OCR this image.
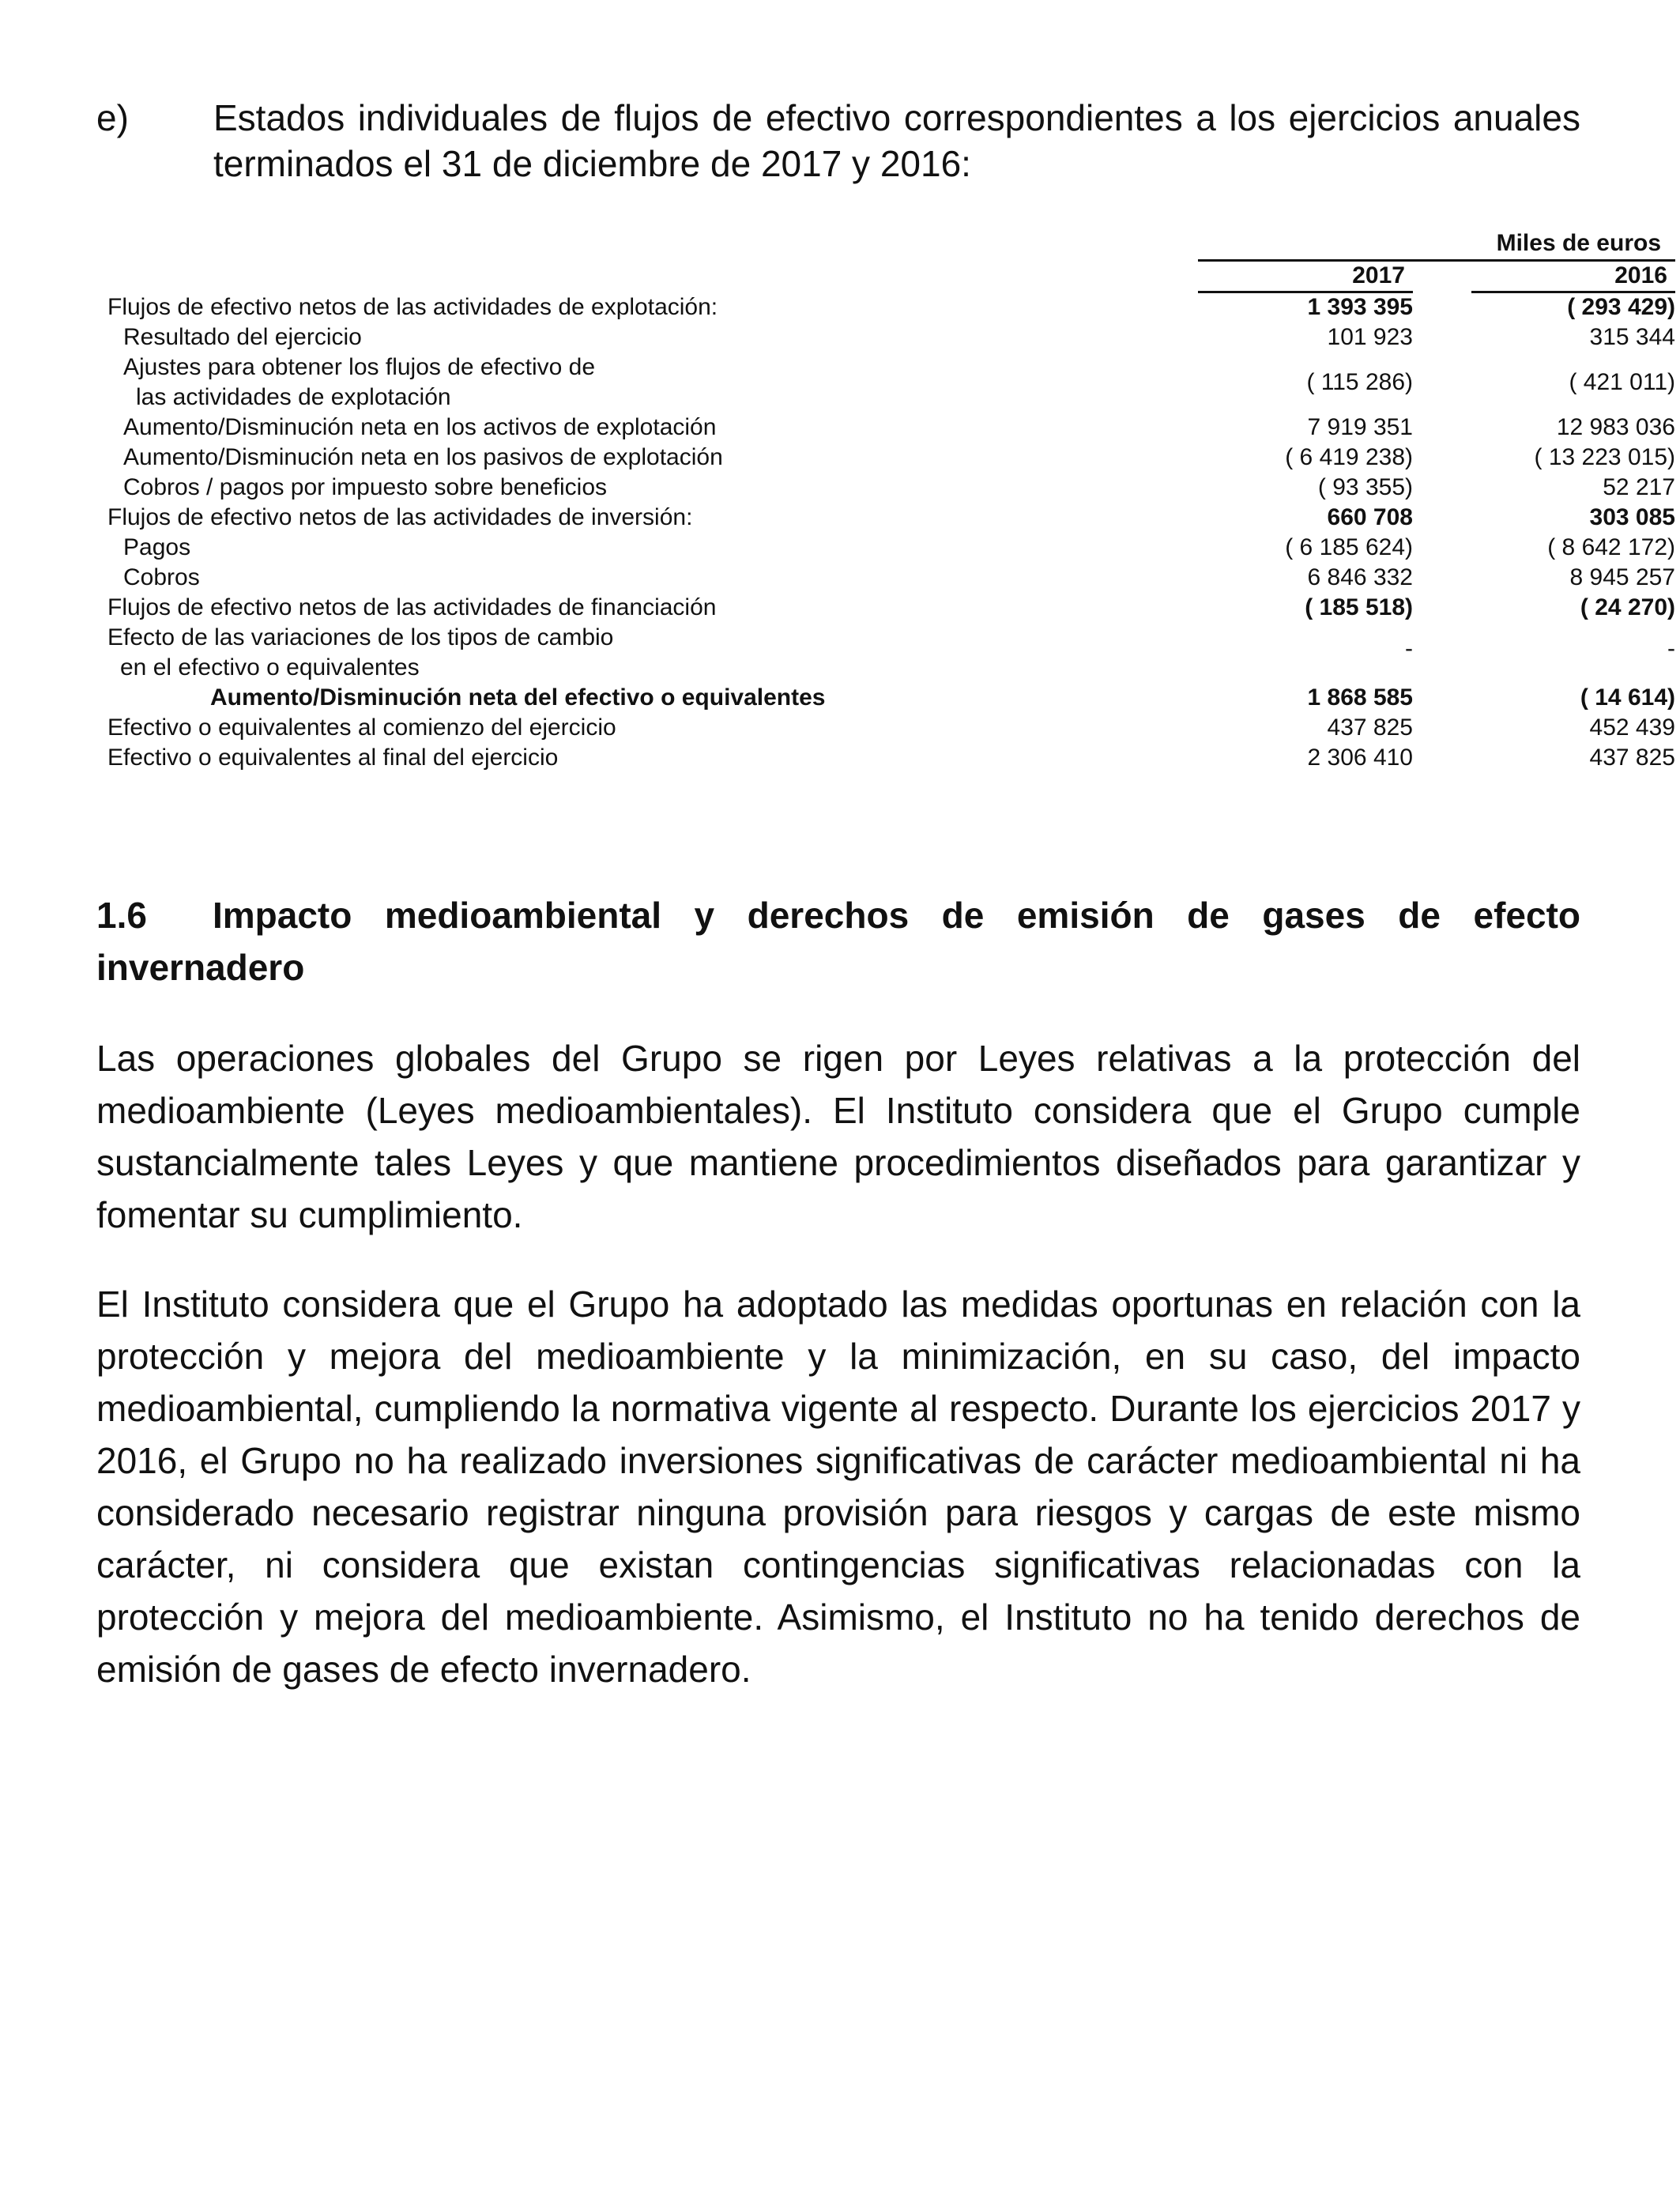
e) Estados individuales de flujos de efectivo correspondientes a los ejercicios anuales terminados el 31 de diciembre de 2017 y 2016:
Miles de euros
2017	2016
Flujos de efectivo netos de las actividades de explotación:	1 393 395	( 293 429)
Resultado del ejercicio	101 923	315 344
Ajustes para obtener los flujos de efectivo de
las actividades de explotación
( 115 286)	( 421 011)
Aumento/Disminución neta en los activos de explotación	7 919 351	12 983 036
Aumento/Disminución neta en los pasivos de explotación	( 6 419 238)	( 13 223 015)
Cobros / pagos por impuesto sobre beneficios	( 93 355)	52 217
Flujos de efectivo netos de las actividades de inversión:	660 708	303 085
Pagos	( 6 185 624)	( 8 642 172)
Cobros	6 846 332	8 945 257
Flujos de efectivo netos de las actividades de financiación	( 185 518)	( 24 270)
Efecto de las variaciones de los tipos de cambio
en el efectivo o equivalentes
-	-
Aumento/Disminución neta del efectivo o equivalentes	1 868 585	( 14 614)
Efectivo o equivalentes al comienzo del ejercicio	437 825	452 439
Efectivo o equivalentes al final del ejercicio	2 306 410	437 825
1.6 Impacto medioambiental y derechos de emisión de gases de efecto
invernadero

Las operaciones globales del Grupo se rigen por Leyes relativas a la protección del medioambiente (Leyes medioambientales). El Instituto considera que el Grupo cumple sustancialmente tales Leyes y que mantiene procedimientos diseñados para garantizar y fomentar su cumplimiento.

El Instituto considera que el Grupo ha adoptado las medidas oportunas en relación con la protección y mejora del medioambiente y la minimización, en su caso, del impacto medioambiental, cumpliendo la normativa vigente al respecto. Durante los ejercicios 2017 y 2016, el Grupo no ha realizado inversiones significativas de carácter medioambiental ni ha considerado necesario registrar ninguna provisión para riesgos y cargas de este mismo carácter, ni considera que existan contingencias significativas relacionadas con la protección y mejora del medioambiente. Asimismo, el Instituto no ha tenido derechos de emisión de gases de efecto invernadero.
